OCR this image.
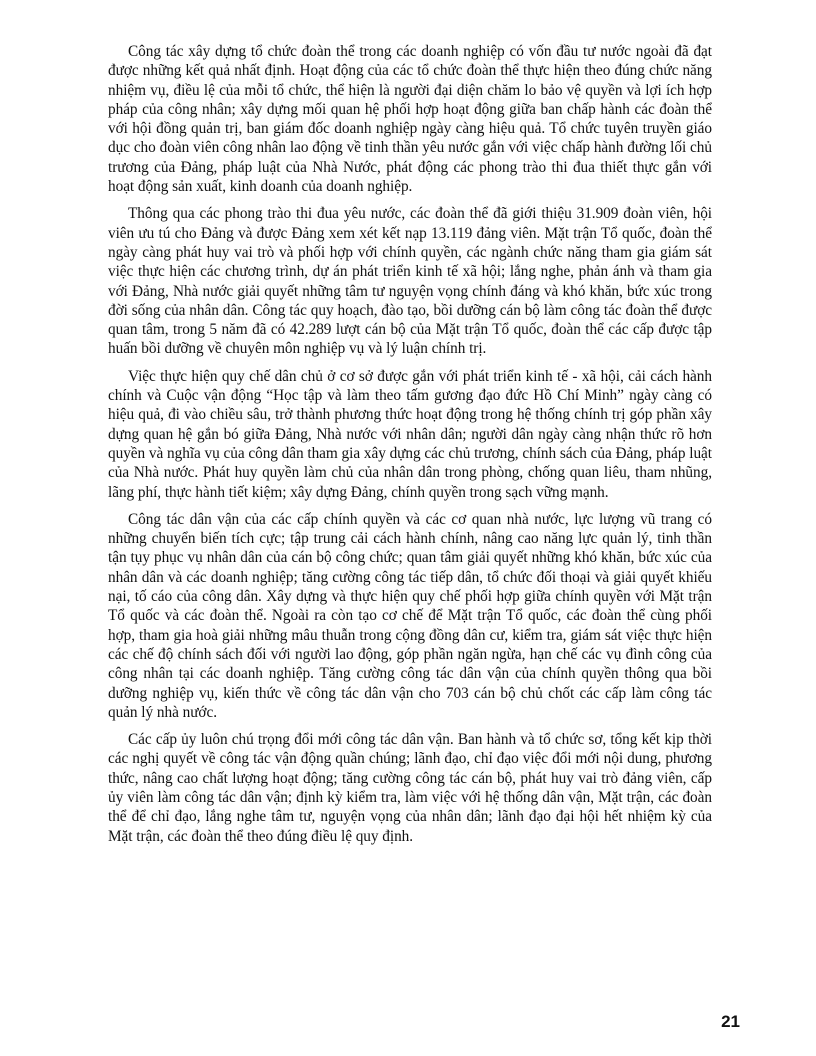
Công tác xây dựng tổ chức đoàn thể trong các doanh nghiệp có vốn đầu tư nước ngoài đã đạt được những kết quả nhất định. Hoạt động của các tổ chức đoàn thể thực hiện theo đúng chức năng nhiệm vụ, điều lệ của mỗi tổ chức, thể hiện là người đại diện chăm lo bảo vệ quyền và lợi ích hợp pháp của công nhân; xây dựng mối quan hệ phối hợp hoạt động giữa ban chấp hành các đoàn thể với hội đồng quản trị, ban giám đốc doanh nghiệp ngày càng hiệu quả. Tổ chức tuyên truyền giáo dục cho đoàn viên công nhân lao động về tinh thần yêu nước gắn với việc chấp hành đường lối chủ trương của Đảng, pháp luật của Nhà Nước, phát động các phong trào thi đua thiết thực gắn với hoạt động sản xuất, kinh doanh của doanh nghiệp.

Thông qua các phong trào thi đua yêu nước, các đoàn thể đã giới thiệu 31.909 đoàn viên, hội viên ưu tú cho Đảng và được Đảng xem xét kết nạp 13.119 đảng viên. Mặt trận Tổ quốc, đoàn thể ngày càng phát huy vai trò và phối hợp với chính quyền, các ngành chức năng tham gia giám sát việc thực hiện các chương trình, dự án phát triển kinh tế xã hội; lắng nghe, phản ánh và tham gia với Đảng, Nhà nước giải quyết những tâm tư nguyện vọng chính đáng và khó khăn, bức xúc trong đời sống của nhân dân. Công tác quy hoạch, đào tạo, bồi dưỡng cán bộ làm công tác đoàn thể được quan tâm, trong 5 năm đã có 42.289 lượt cán bộ của Mặt trận Tổ quốc, đoàn thể các cấp được tập huấn bồi dưỡng về chuyên môn nghiệp vụ và lý luận chính trị.

Việc thực hiện quy chế dân chủ ở cơ sở được gắn với phát triển kinh tế - xã hội, cải cách hành chính và Cuộc vận động “Học tập và làm theo tấm gương đạo đức Hồ Chí Minh” ngày càng có hiệu quả, đi vào chiều sâu, trở thành phương thức hoạt động trong hệ thống chính trị góp phần xây dựng quan hệ gắn bó giữa Đảng, Nhà nước với nhân dân; người dân ngày càng nhận thức rõ hơn quyền và nghĩa vụ của công dân tham gia xây dựng các chủ trương, chính sách của Đảng, pháp luật của Nhà nước. Phát huy quyền làm chủ của nhân dân trong phòng, chống quan liêu, tham nhũng, lãng phí, thực hành tiết kiệm; xây dựng Đảng, chính quyền trong sạch vững mạnh.

Công tác dân vận của các cấp chính quyền và các cơ quan nhà nước, lực lượng vũ trang có những chuyển biến tích cực; tập trung cải cách hành chính, nâng cao năng lực quản lý, tinh thần tận tụy phục vụ nhân dân của cán bộ công chức; quan tâm giải quyết những khó khăn, bức xúc của nhân dân và các doanh nghiệp; tăng cường công tác tiếp dân, tổ chức đối thoại và giải quyết khiếu nại, tố cáo của công dân. Xây dựng và thực hiện quy chế phối hợp giữa chính quyền với Mặt trận Tổ quốc và các đoàn thể. Ngoài ra còn tạo cơ chế để Mặt trận Tổ quốc, các đoàn thể cùng phối hợp, tham gia hoà giải những mâu thuẫn trong cộng đồng dân cư, kiểm tra, giám sát việc thực hiện các chế độ chính sách đối với người lao động, góp phần ngăn ngừa, hạn chế các vụ đình công của công nhân tại các doanh nghiệp. Tăng cường công tác dân vận của chính quyền thông qua bồi dưỡng nghiệp vụ, kiến thức về công tác dân vận cho 703 cán bộ chủ chốt các cấp làm công tác quản lý nhà nước.

Các cấp ủy luôn chú trọng đổi mới công tác dân vận. Ban hành và tổ chức sơ, tổng kết kịp thời các nghị quyết về công tác vận động quần chúng; lãnh đạo, chỉ đạo việc đổi mới nội dung, phương thức, nâng cao chất lượng hoạt động; tăng cường công tác cán bộ, phát huy vai trò đảng viên, cấp ủy viên làm công tác dân vận; định kỳ kiểm tra, làm việc với hệ thống dân vận, Mặt trận, các đoàn thể để chỉ đạo, lắng nghe tâm tư, nguyện vọng của nhân dân; lãnh đạo đại hội hết nhiệm kỳ của Mặt trận, các đoàn thể theo đúng điều lệ quy định.

21
